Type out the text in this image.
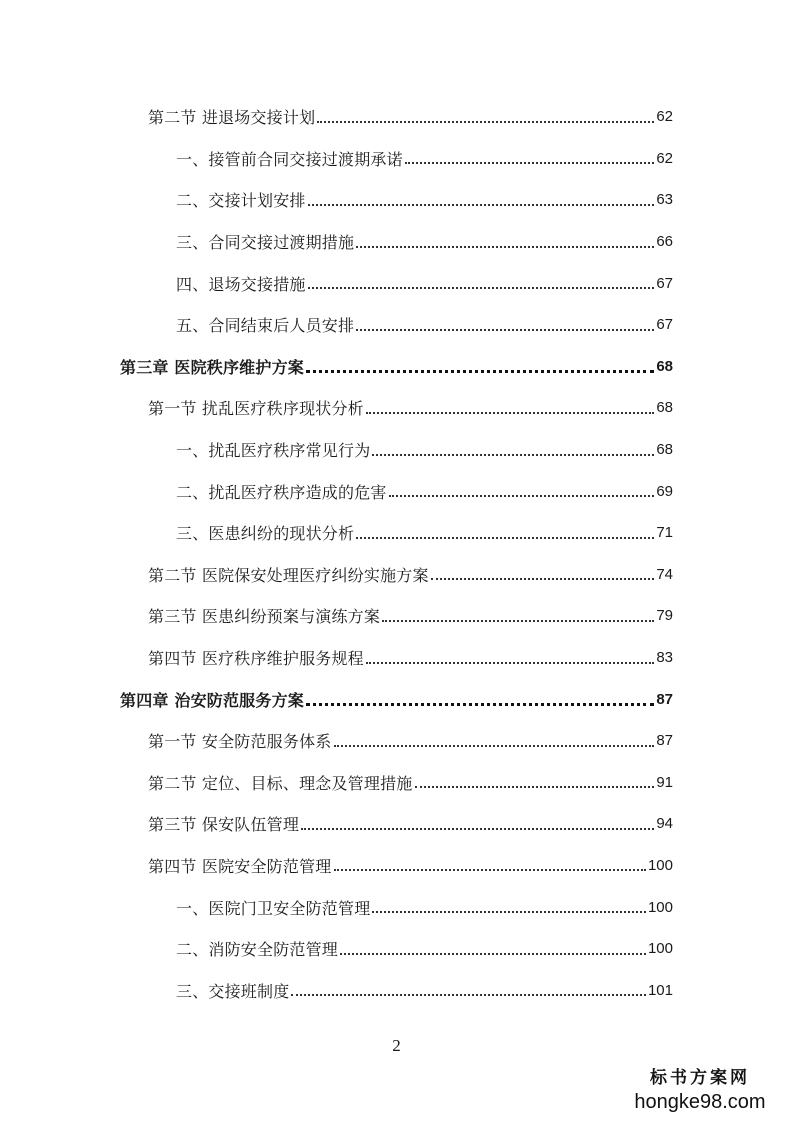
第二节 进退场交接计划	62
一、接管前合同交接过渡期承诺	62
二、交接计划安排	63
三、合同交接过渡期措施	66
四、退场交接措施	67
五、合同结束后人员安排	67
第三章 医院秩序维护方案	68
第一节 扰乱医疗秩序现状分析	68
一、扰乱医疗秩序常见行为	68
二、扰乱医疗秩序造成的危害	69
三、医患纠纷的现状分析	71
第二节 医院保安处理医疗纠纷实施方案	74
第三节 医患纠纷预案与演练方案	79
第四节 医疗秩序维护服务规程	83
第四章 治安防范服务方案	87
第一节 安全防范服务体系	87
第二节 定位、目标、理念及管理措施	91
第三节 保安队伍管理	94
第四节 医院安全防范管理	100
一、医院门卫安全防范管理	100
二、消防安全防范管理	100
三、交接班制度	101
2
标书方案网
hongke98.com
